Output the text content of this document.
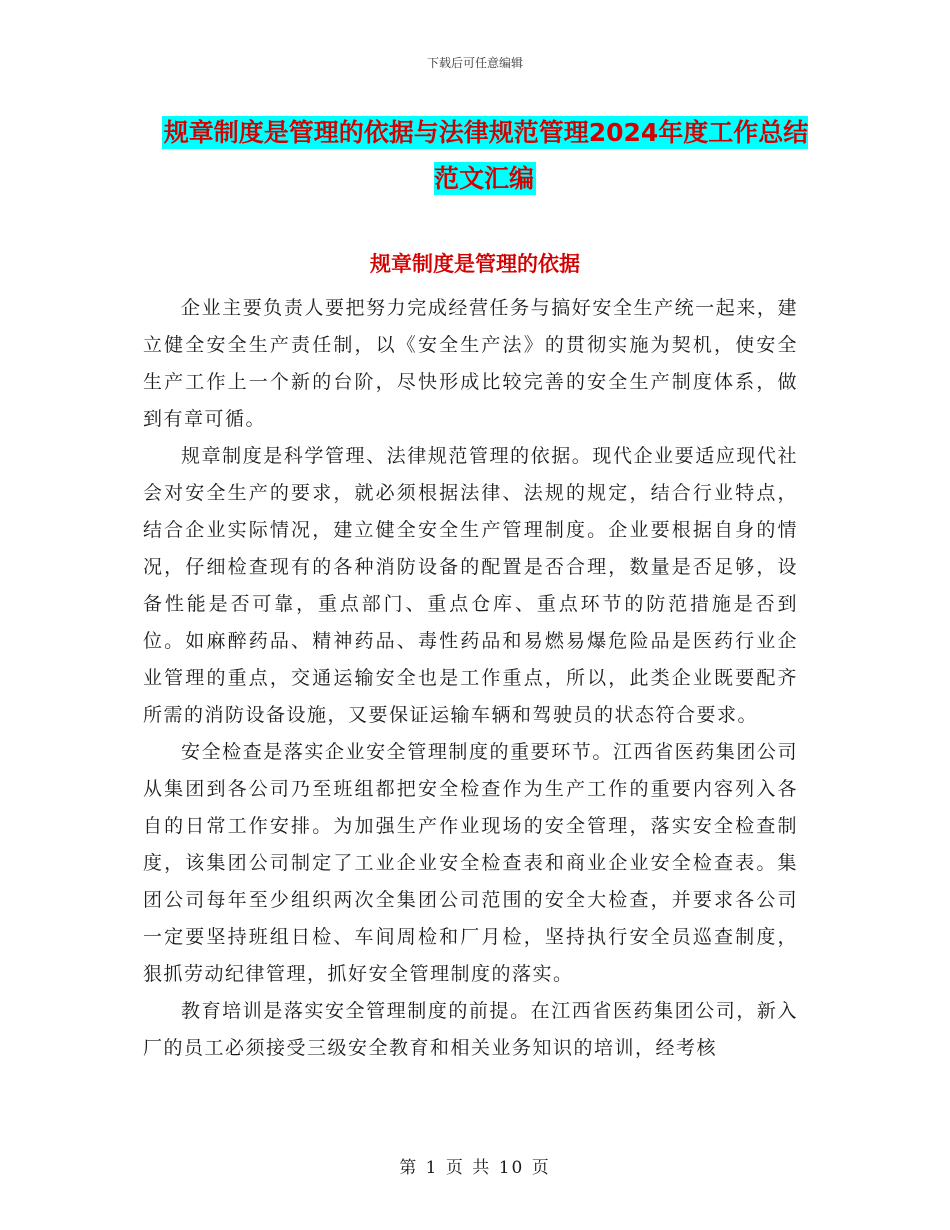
下载后可任意编辑
规章制度是管理的依据与法律规范管理2024年度工作总结范文汇编
规章制度是管理的依据

企业主要负责人要把努力完成经营任务与搞好安全生产统一起来，建立健全安全生产责任制，以《安全生产法》的贯彻实施为契机，使安全生产工作上一个新的台阶，尽快形成比较完善的安全生产制度体系，做到有章可循。

规章制度是科学管理、法律规范管理的依据。现代企业要适应现代社会对安全生产的要求，就必须根据法律、法规的规定，结合行业特点，结合企业实际情况，建立健全安全生产管理制度。企业要根据自身的情况，仔细检查现有的各种消防设备的配置是否合理，数量是否足够，设备性能是否可靠，重点部门、重点仓库、重点环节的防范措施是否到位。如麻醉药品、精神药品、毒性药品和易燃易爆危险品是医药行业企业管理的重点，交通运输安全也是工作重点，所以，此类企业既要配齐所需的消防设备设施，又要保证运输车辆和驾驶员的状态符合要求。

安全检查是落实企业安全管理制度的重要环节。江西省医药集团公司从集团到各公司乃至班组都把安全检查作为生产工作的重要内容列入各自的日常工作安排。为加强生产作业现场的安全管理，落实安全检查制度，该集团公司制定了工业企业安全检查表和商业企业安全检查表。集团公司每年至少组织两次全集团公司范围的安全大检查，并要求各公司一定要坚持班组日检、车间周检和厂月检，坚持执行安全员巡查制度，狠抓劳动纪律管理，抓好安全管理制度的落实。

教育培训是落实安全管理制度的前提。在江西省医药集团公司，新入厂的员工必须接受三级安全教育和相关业务知识的培训，经考核

第 1 页 共 10 页
